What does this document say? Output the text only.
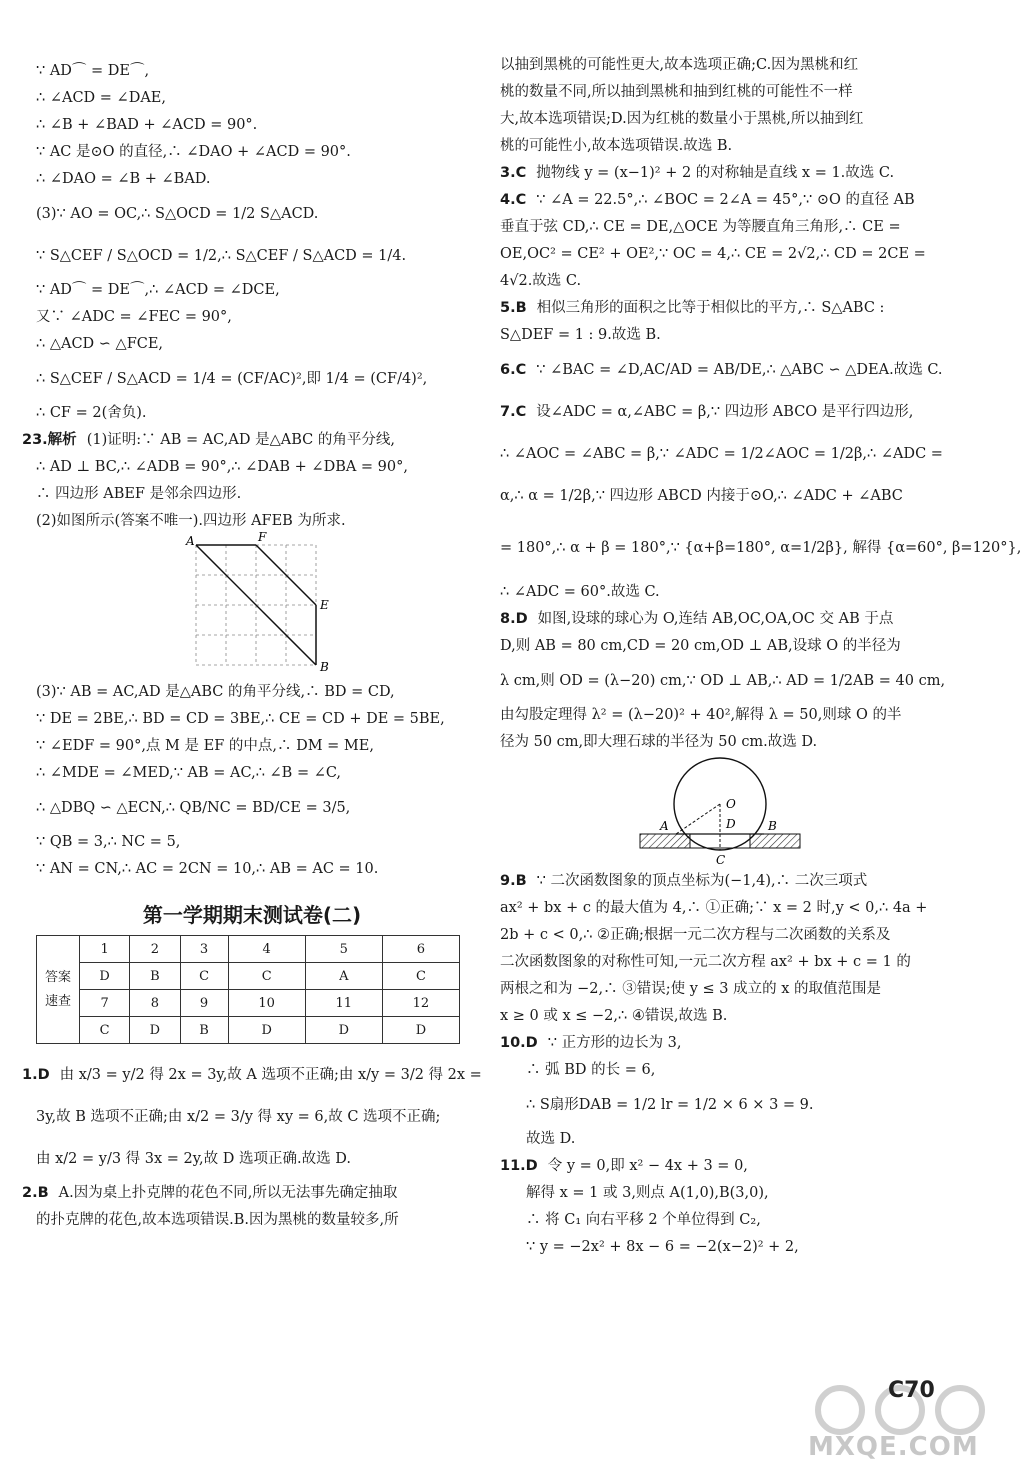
∵ AD⌒ = DE⌒,
∴ ∠ACD = ∠DAE,
∴ ∠B + ∠BAD + ∠ACD = 90°.
∵ AC 是⊙O 的直径,∴ ∠DAO + ∠ACD = 90°.
∴ ∠DAO = ∠B + ∠BAD.
(3)∵ AO = OC,∴ S△OCD = 1/2 S△ACD.
∵ S△CEF / S△OCD = 1/2,∴ S△CEF / S△ACD = 1/4.
∵ AD⌒ = DE⌒,∴ ∠ACD = ∠DCE,
又∵ ∠ADC = ∠FEC = 90°,
∴ △ACD ∽ △FCE,
∴ S△CEF / S△ACD = 1/4 = (CF/AC)²,即 1/4 = (CF/4)²,
∴ CF = 2(舍负).
23.解析 (1)证明:∵ AB = AC,AD 是△ABC 的角平分线,
∴ AD ⊥ BC,∴ ∠ADB = 90°,∴ ∠DAB + ∠DBA = 90°,
∴ 四边形 ABEF 是邻余四边形.
(2)如图所示(答案不唯一).四边形 AFEB 为所求.
A	F
E
B
(3)∵ AB = AC,AD 是△ABC 的角平分线,∴ BD = CD,
∵ DE = 2BE,∴ BD = CD = 3BE,∴ CE = CD + DE = 5BE,
∵ ∠EDF = 90°,点 M 是 EF 的中点,∴ DM = ME,
∴ ∠MDE = ∠MED,∵ AB = AC,∴ ∠B = ∠C,
∴ △DBQ ∽ △ECN,∴ QB/NC = BD/CE = 3/5,
∵ QB = 3,∴ NC = 5,
∵ AN = CN,∴ AC = 2CN = 10,∴ AB = AC = 10.
第一学期期末测试卷(二)
答案
速查	1	2	3	4	5	6
	D	B	C	C	A	C
	7	8	9	10	11	12
	C	D	B	D	D	D
1.D 由 x/3 = y/2 得 2x = 3y,故 A 选项不正确;由 x/y = 3/2 得 2x =
3y,故 B 选项不正确;由 x/2 = 3/y 得 xy = 6,故 C 选项不正确;
由 x/2 = y/3 得 3x = 2y,故 D 选项正确.故选 D.
2.B A.因为桌上扑克牌的花色不同,所以无法事先确定抽取
的扑克牌的花色,故本选项错误.B.因为黑桃的数量较多,所
以抽到黑桃的可能性更大,故本选项正确;C.因为黑桃和红
桃的数量不同,所以抽到黑桃和抽到红桃的可能性不一样
大,故本选项错误;D.因为红桃的数量小于黑桃,所以抽到红
桃的可能性小,故本选项错误.故选 B.
3.C 抛物线 y = (x−1)² + 2 的对称轴是直线 x = 1.故选 C.
4.C ∵ ∠A = 22.5°,∴ ∠BOC = 2∠A = 45°,∵ ⊙O 的直径 AB
垂直于弦 CD,∴ CE = DE,△OCE 为等腰直角三角形,∴ CE =
OE,OC² = CE² + OE²,∵ OC = 4,∴ CE = 2√2,∴ CD = 2CE =
4√2.故选 C.
5.B 相似三角形的面积之比等于相似比的平方,∴ S△ABC :
S△DEF = 1 : 9.故选 B.
6.C ∵ ∠BAC = ∠D,AC/AD = AB/DE,∴ △ABC ∽ △DEA.故选 C.
7.C 设∠ADC = α,∠ABC = β,∵ 四边形 ABCO 是平行四边形,
∴ ∠AOC = ∠ABC = β,∵ ∠ADC = 1/2∠AOC = 1/2β,∴ ∠ADC =
α,∴ α = 1/2β,∵ 四边形 ABCD 内接于⊙O,∴ ∠ADC + ∠ABC
= 180°,∴ α + β = 180°,∵ {α+β=180°, α=1/2β}, 解得 {α=60°, β=120°},
∴ ∠ADC = 60°.故选 C.
8.D 如图,设球的球心为 O,连结 AB,OC,OA,OC 交 AB 于点
D,则 AB = 80 cm,CD = 20 cm,OD ⊥ AB,设球 O 的半径为
λ cm,则 OD = (λ−20) cm,∵ OD ⊥ AB,∴ AD = 1/2AB = 40 cm,
由勾股定理得 λ² = (λ−20)² + 40²,解得 λ = 50,则球 O 的半
径为 50 cm,即大理石球的半径为 50 cm.故选 D.
O
D
A	B
C
9.B ∵ 二次函数图象的顶点坐标为(−1,4),∴ 二次三项式
ax² + bx + c 的最大值为 4,∴ ①正确;∵ x = 2 时,y < 0,∴ 4a +
2b + c < 0,∴ ②正确;根据一元二次方程与二次函数的关系及
二次函数图象的对称性可知,一元二次方程 ax² + bx + c = 1 的
两根之和为 −2,∴ ③错误;使 y ≤ 3 成立的 x 的取值范围是
x ≥ 0 或 x ≤ −2,∴ ④错误,故选 B.
10.D ∵ 正方形的边长为 3,
∴ 弧 BD 的长 = 6,
∴ S扇形DAB = 1/2 lr = 1/2 × 6 × 3 = 9.
故选 D.
11.D 令 y = 0,即 x² − 4x + 3 = 0,
解得 x = 1 或 3,则点 A(1,0),B(3,0),
∴ 将 C₁ 向右平移 2 个单位得到 C₂,
∵ y = −2x² + 8x − 6 = −2(x−2)² + 2,
MXQE.COM
C70
